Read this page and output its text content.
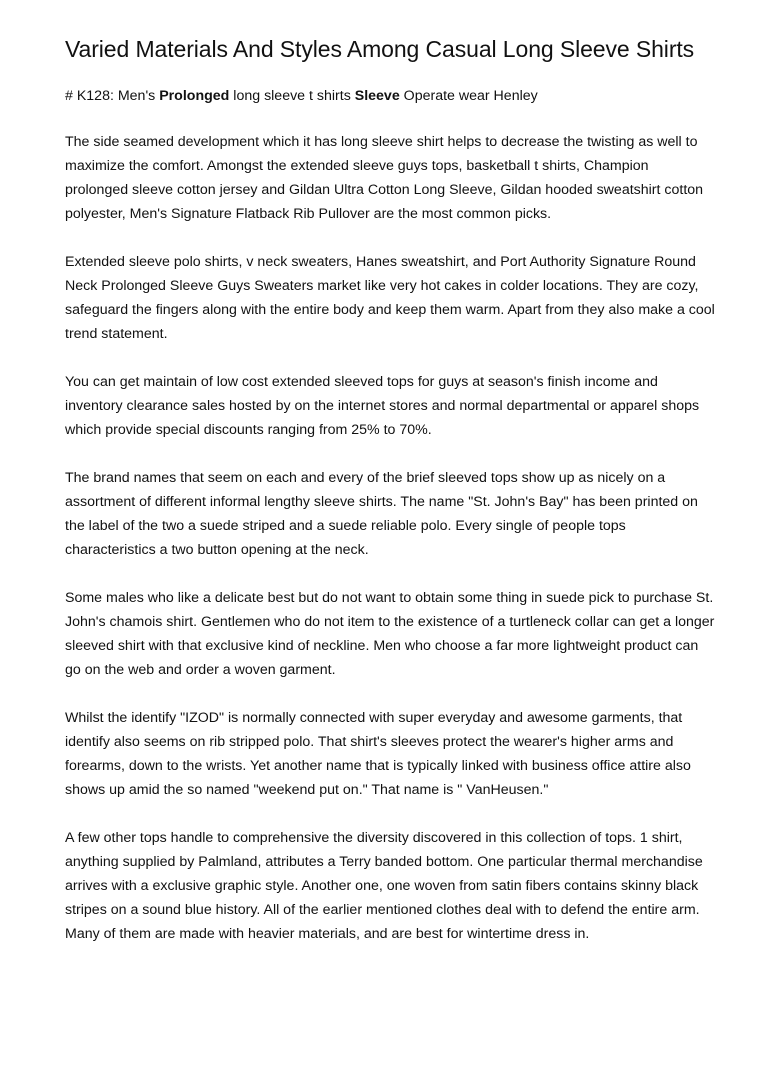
Varied Materials And Styles Among Casual Long Sleeve Shirts

# K128: Men's Prolonged long sleeve t shirts Sleeve Operate wear Henley

The side seamed development which it has long sleeve shirt helps to decrease the twisting as well to maximize the comfort. Amongst the extended sleeve guys tops, basketball t shirts, Champion prolonged sleeve cotton jersey and Gildan Ultra Cotton Long Sleeve, Gildan hooded sweatshirt cotton polyester, Men's Signature Flatback Rib Pullover are the most common picks.

Extended sleeve polo shirts, v neck sweaters, Hanes sweatshirt, and Port Authority Signature Round Neck Prolonged Sleeve Guys Sweaters market like very hot cakes in colder locations. They are cozy, safeguard the fingers along with the entire body and keep them warm. Apart from they also make a cool trend statement.

You can get maintain of low cost extended sleeved tops for guys at season's finish income and inventory clearance sales hosted by on the internet stores and normal departmental or apparel shops which provide special discounts ranging from 25% to 70%.

The brand names that seem on each and every of the brief sleeved tops show up as nicely on a assortment of different informal lengthy sleeve shirts. The name "St. John's Bay" has been printed on the label of the two a suede striped and a suede reliable polo. Every single of people tops characteristics a two button opening at the neck.

Some males who like a delicate best but do not want to obtain some thing in suede pick to purchase St. John's chamois shirt. Gentlemen who do not item to the existence of a turtleneck collar can get a longer sleeved shirt with that exclusive kind of neckline. Men who choose a far more lightweight product can go on the web and order a woven garment.

Whilst the identify "IZOD" is normally connected with super everyday and awesome garments, that identify also seems on rib stripped polo. That shirt's sleeves protect the wearer's higher arms and forearms, down to the wrists. Yet another name that is typically linked with business office attire also shows up amid the so named "weekend put on." That name is " VanHeusen."

A few other tops handle to comprehensive the diversity discovered in this collection of tops. 1 shirt, anything supplied by Palmland, attributes a Terry banded bottom. One particular thermal merchandise arrives with a exclusive graphic style. Another one, one woven from satin fibers contains skinny black stripes on a sound blue history. All of the earlier mentioned clothes deal with to defend the entire arm. Many of them are made with heavier materials, and are best for wintertime dress in.
